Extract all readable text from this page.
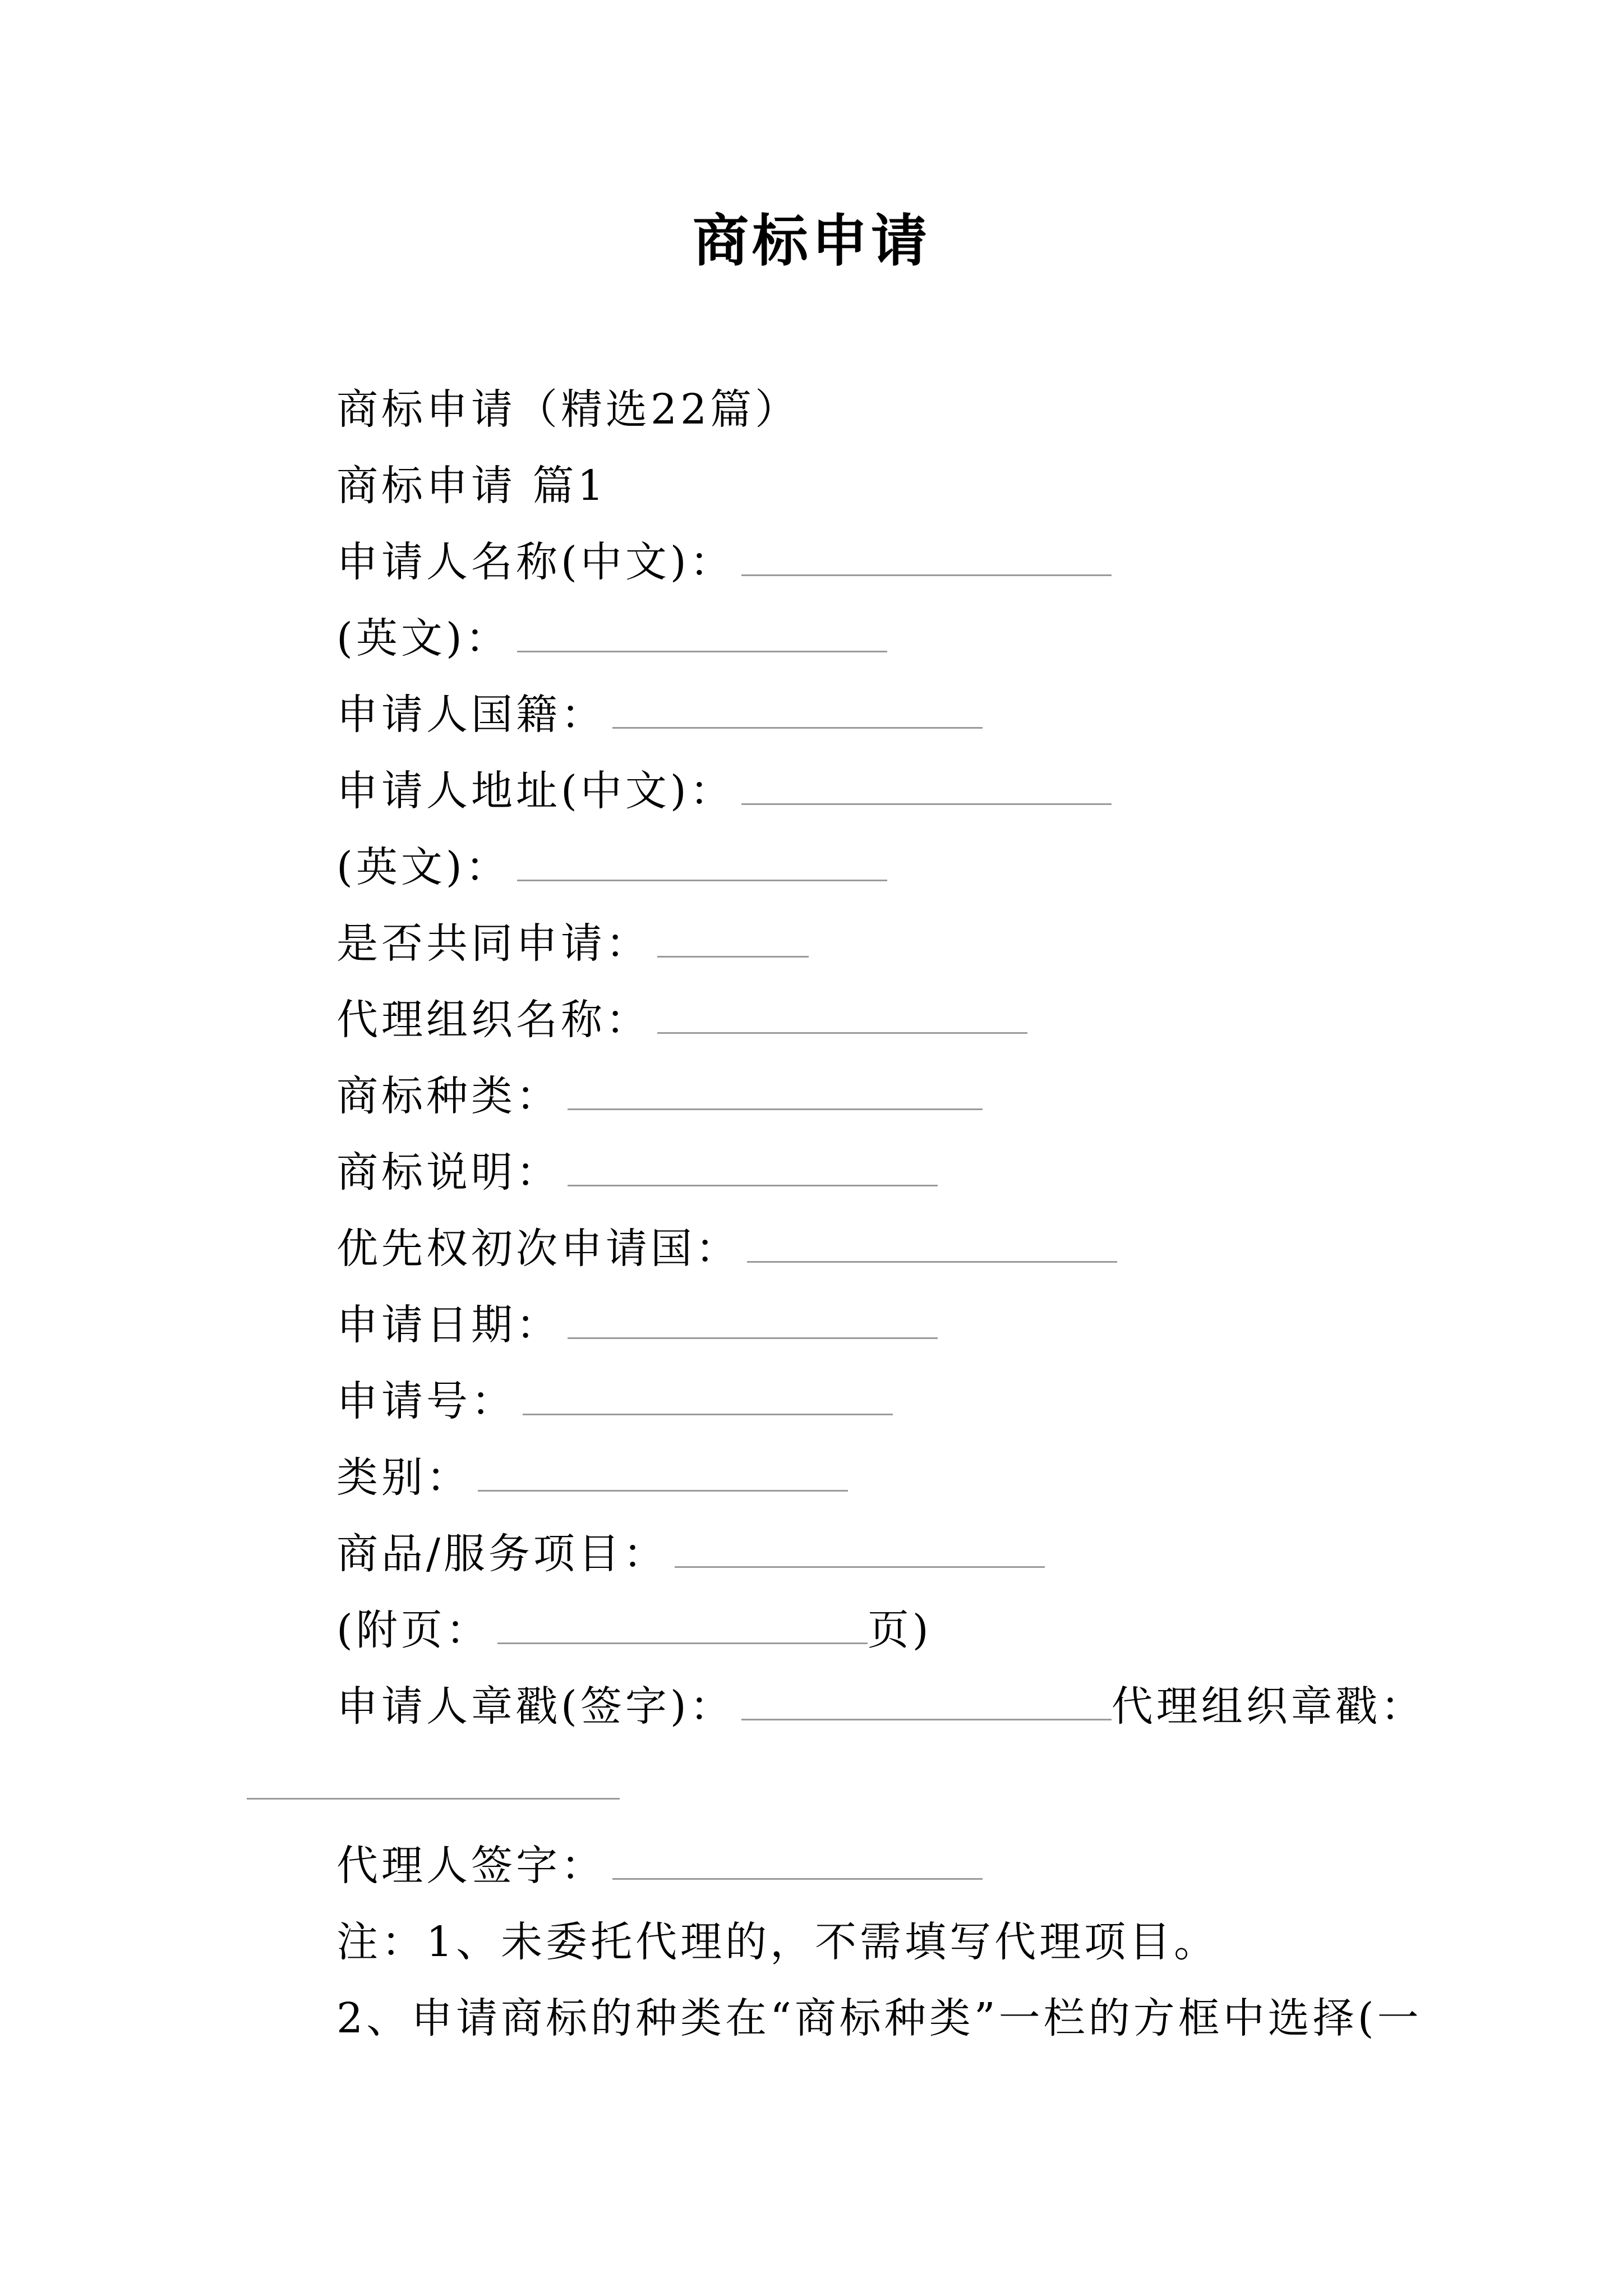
商标申请
商标申请（精选22篇）
商标申请 篇1
申请人名称(中文)：
(英文)：
申请人国籍：
申请人地址(中文)：
(英文)：
是否共同申请：
代理组织名称：
商标种类：
商标说明：
优先权初次申请国：
申请日期：
申请号：
类别：
商品/服务项目：
(附页：	页)
申请人章戳(签字)：	代理组织章戳：
代理人签字：
注：1、未委托代理的，不需填写代理项目。
2、申请商标的种类在“商标种类”一栏的方框中选择(一
